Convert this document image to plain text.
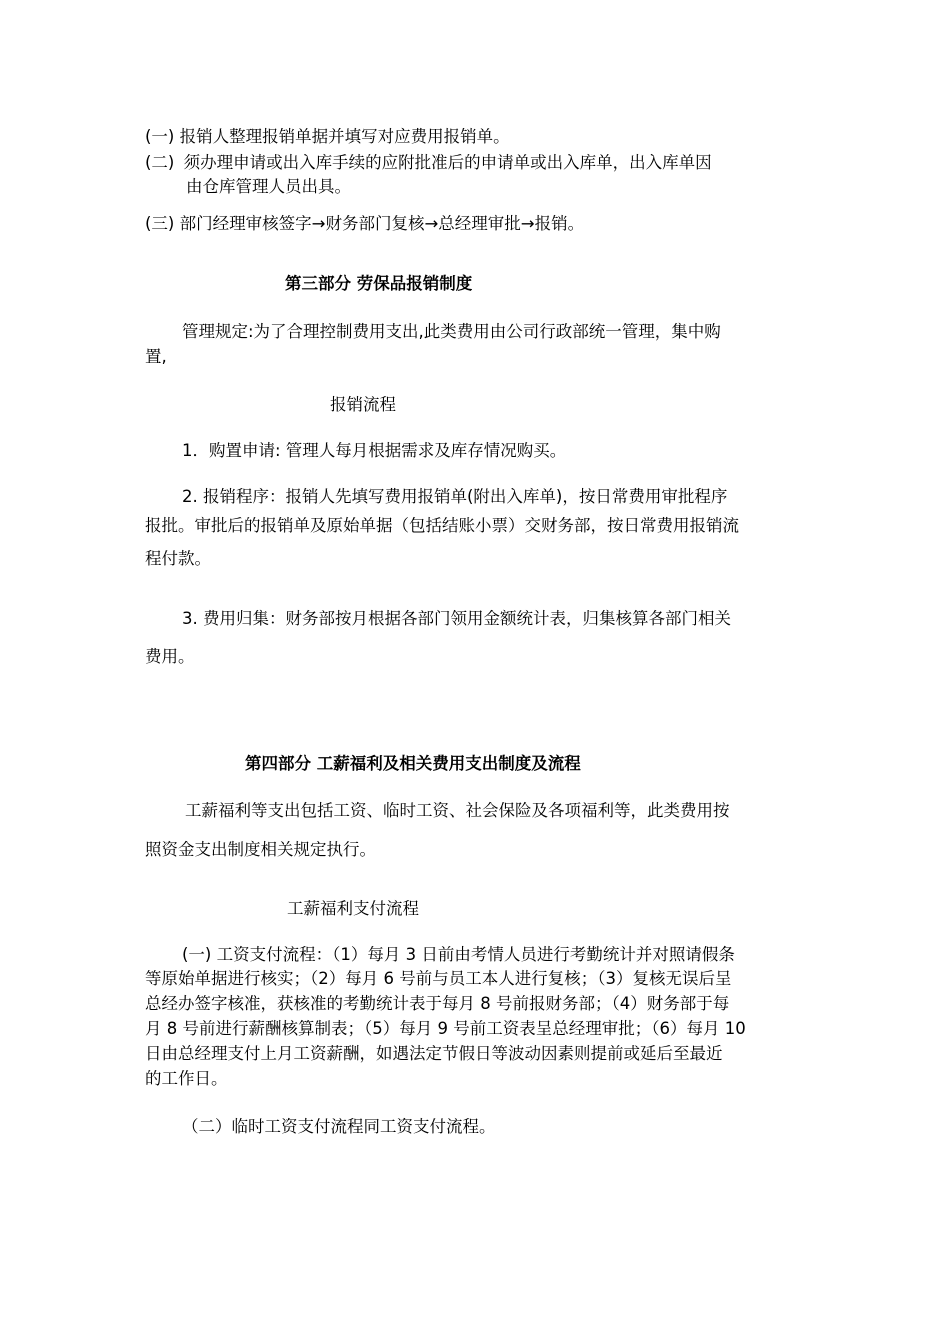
(一) 报销人整理报销单据并填写对应费用报销单。

(二) 须办理申请或出入库手续的应附批准后的申请单或出入库单，出入库单因

由仓库管理人员出具。

(三) 部门经理审核签字→财务部门复核→总经理审批→报销。

第三部分 劳保品报销制度

管理规定:为了合理控制费用支出,此类费用由公司行政部统一管理，集中购

置,

报销流程

1．购置申请: 管理人每月根据需求及库存情况购买。

2. 报销程序：报销人先填写费用报销单(附出入库单)，按日常费用审批程序

报批。审批后的报销单及原始单据（包括结账小票）交财务部，按日常费用报销流

程付款。

3. 费用归集：财务部按月根据各部门领用金额统计表，归集核算各部门相关

费用。

第四部分 工薪福利及相关费用支出制度及流程

工薪福利等支出包括工资、临时工资、社会保险及各项福利等，此类费用按

照资金支出制度相关规定执行。

工薪福利支付流程

(一) 工资支付流程：（1）每月 3 日前由考情人员进行考勤统计并对照请假条

等原始单据进行核实；（2）每月 6 号前与员工本人进行复核；（3）复核无误后呈

总经办签字核准，获核准的考勤统计表于每月 8 号前报财务部；（4）财务部于每

月 8 号前进行薪酬核算制表；（5）每月 9 号前工资表呈总经理审批；（6）每月 10

日由总经理支付上月工资薪酬，如遇法定节假日等波动因素则提前或延后至最近

的工作日。

（二）临时工资支付流程同工资支付流程。
